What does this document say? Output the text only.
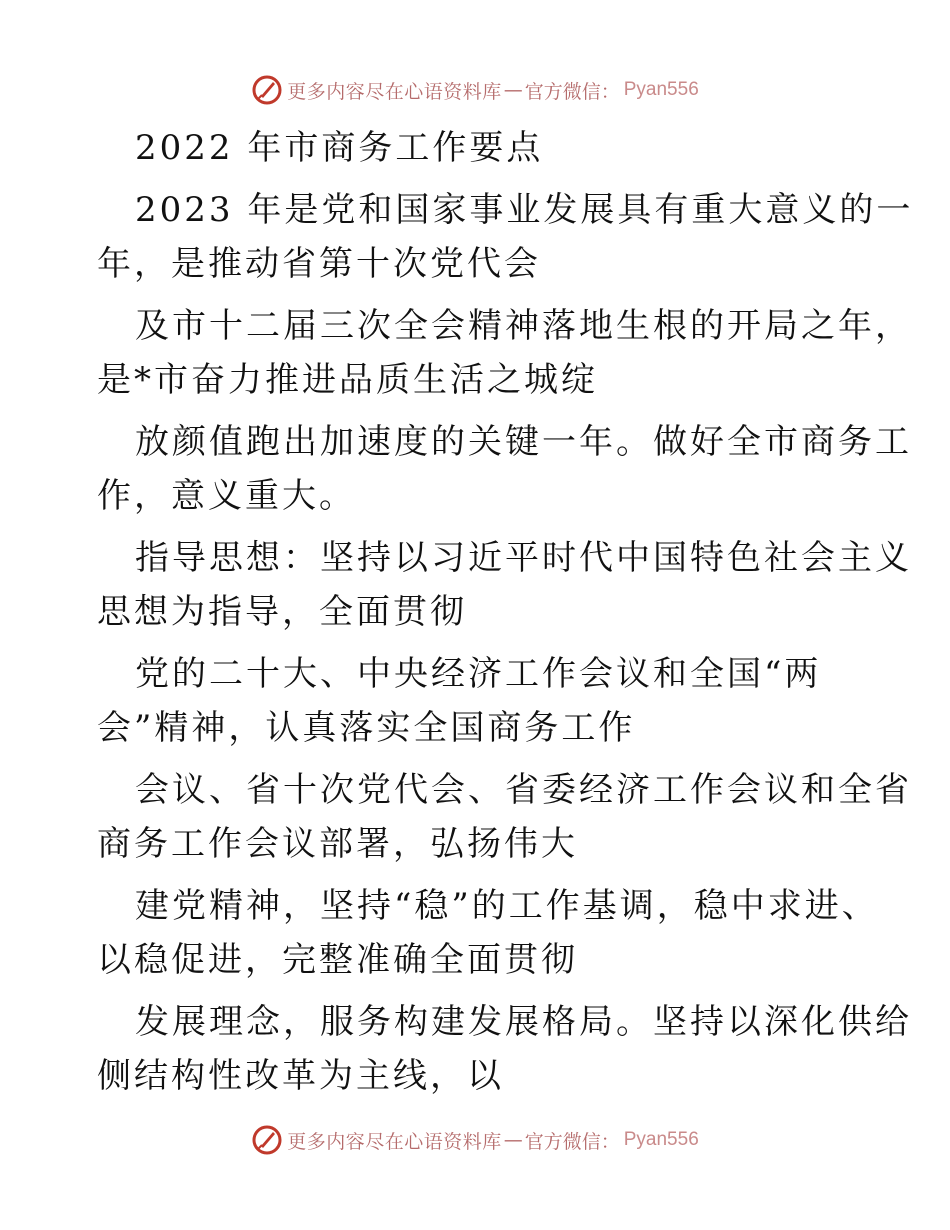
更多内容尽在心语资料库 — 官方微信： Pyan556
2022 年市商务工作要点
2023 年是党和国家事业发展具有重大意义的一
年，是推动省第十次党代会
及市十二届三次全会精神落地生根的开局之年，
是*市奋力推进品质生活之城绽
放颜值跑出加速度的关键一年。做好全市商务工
作，意义重大。
指导思想：坚持以习近平时代中国特色社会主义
思想为指导，全面贯彻
党的二十大、中央经济工作会议和全国“两
会”精神，认真落实全国商务工作
会议、省十次党代会、省委经济工作会议和全省
商务工作会议部署，弘扬伟大
建党精神，坚持“稳”的工作基调，稳中求进、
以稳促进，完整准确全面贯彻
发展理念，服务构建发展格局。坚持以深化供给
侧结构性改革为主线，以
更多内容尽在心语资料库 — 官方微信： Pyan556
